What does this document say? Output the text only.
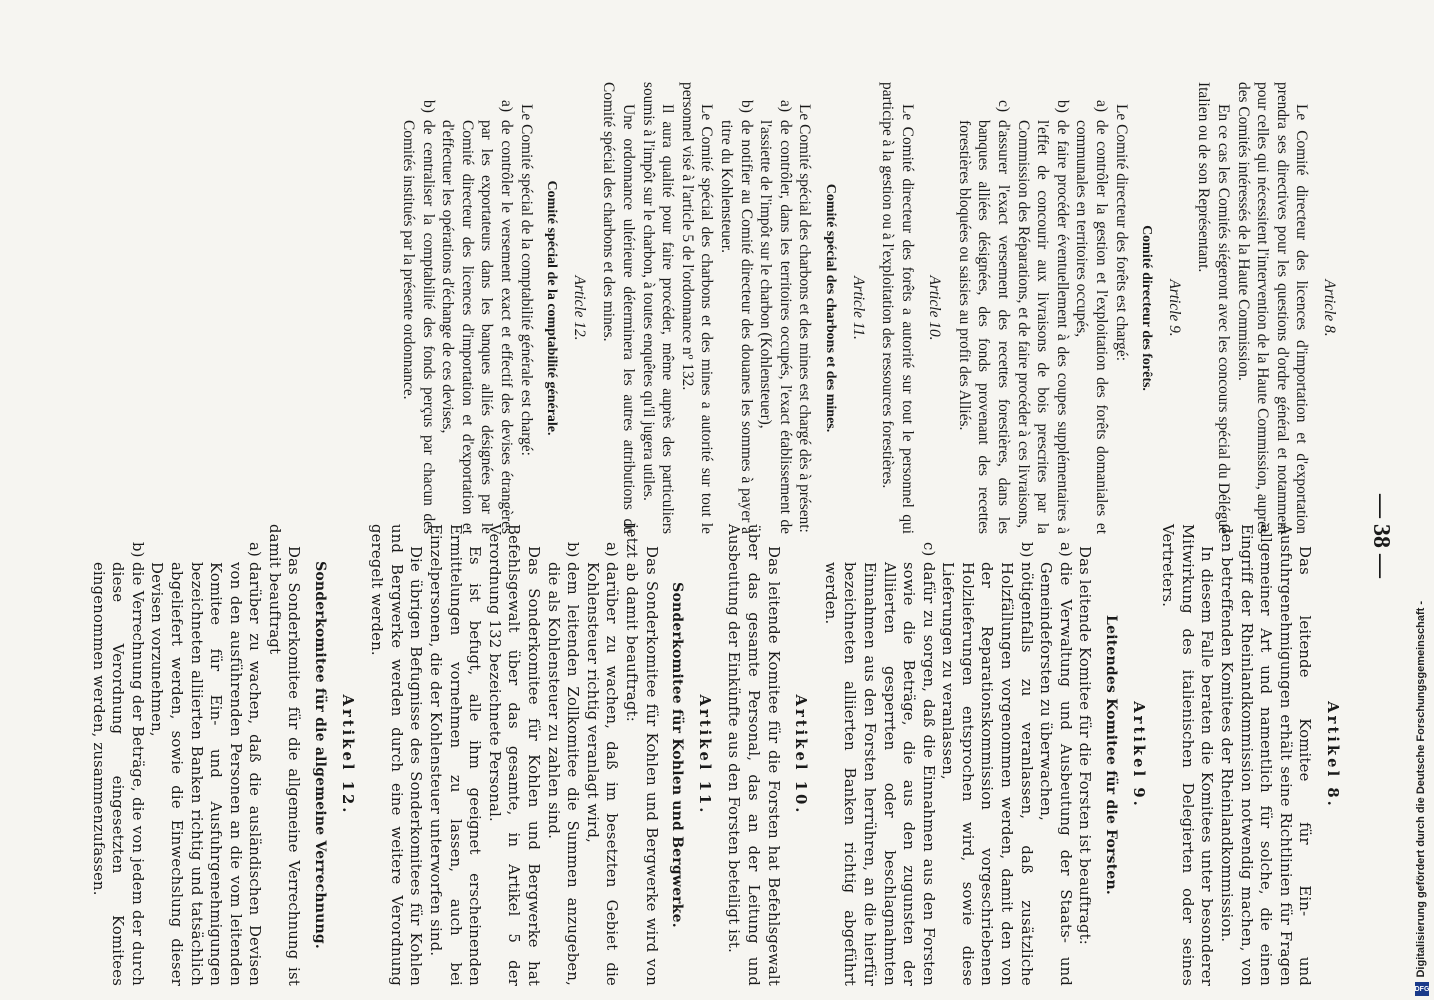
— 38 —
Article 8.

Le Comité directeur des licences d'importation et d'exportation prendra ses directives pour les questions d'ordre général et notamment pour celles qui nécessitent l'intervention de la Haute Commission, auprès des Comités intéressés de la Haute Commission.

En ce cas les Comités siégeront avec les concours spécial du Délégué Italien ou de son Représentant.

Article 9.
Comité directeur des forêts.

Le Comité directeur des forêts est chargé:

a)de contrôler la gestion et l'exploitation des forêts domaniales et communales en territoires occupés,

b)de faire procéder éventuellement à des coupes supplémentaires à l'effet de concourir aux livraisons de bois prescrites par la Commission des Réparations, et de faire procéder à ces livraisons,

c)d'assurer l'exact versement des recettes forestières, dans les banques alliées désignées, des fonds provenant des recettes forestières bloquées ou saisies au profit des Alliés.

Article 10.

Le Comité directeur des forêts a autorité sur tout le personnel qui participe à la gestion ou à l'exploitation des ressources forestières.

Article 11.
Comité spécial des charbons et des mines.

Le Comité spécial des charbons et des mines est chargé dès à présent:

a)de contrôler, dans les territoires occupés, l'exact établissement de l'assiette de l'impôt sur le charbon (Kohlensteuer),

b)de notifier au Comité directeur des douanes les sommes à payer à titre du Kohlensteuer.

Le Comité spécial des charbons et des mines a autorité sur tout le personnel visé à l'article 5 de l'ordonnance nº 132.

Il aura qualité pour faire procéder, même auprès des particuliers soumis à l'impôt sur le charbon, à toutes enquêtes qu'il jugera utiles.

Une ordonnance ultérieure déterminera les autres attributions du Comité spécial des charbons et des mines.

Article 12.
Comité spécial de la comptabilité générale.

Le Comité spécial de la comptabilité générale est chargé:

a)de contrôler le versement exact et effectif des devises étrangères par les exportateurs dans les banques alliés désignées par le Comité directeur des licences d'importation et d'exportation et d'effectuer les opérations d'échange de ces devises,

b)de centraliser la comptabilité des fonds perçus par chacun des Comités institués par la présente ordonnance.

Artikel 8.

Das leitende Komitee für Ein- und Ausfuhrgenehmigungen erhält seine Richtlinien für Fragen allgemeiner Art und namentlich für solche, die einen Eingriff der Rheinlandkommission notwendig machen, von den betreffenden Komitees der Rheinlandkommission.

In diesem Falle beraten die Komitees unter besonderer Mitwirkung des italienischen Delegierten oder seines Vertreters.

Artikel 9.
Leitendes Komitee für die Forsten.

Das leitende Komitee für die Forsten ist beauftragt:

a)die Verwaltung und Ausbeutung der Staats- und Gemeindeforsten zu überwachen,

b)nötigenfalls zu veranlassen, daß zusätzliche Holzfällungen vorgenommen werden, damit den von der Reparationskommission vorgeschriebenen Holzlieferungen entsprochen wird, sowie diese Lieferungen zu veranlassen,

c)dafür zu sorgen, daß die Einnahmen aus den Forsten sowie die Beträge, die aus den zugunsten der Alliierten gesperrten oder beschlagnahmten Einnahmen aus den Forsten herrühren, an die hierfür bezeichneten alliierten Banken richtig abgeführt werden.

Artikel 10.

Das leitende Komitee für die Forsten hat Befehlsgewalt über das gesamte Personal, das an der Leitung und Ausbeutung der Einkünfte aus den Forsten beteiligt ist.

Artikel 11.
Sonderkomitee für Kohlen und Bergwerke.

Das Sonderkomitee für Kohlen und Bergwerke wird von jetzt ab damit beauftragt:

a)darüber zu wachen, daß im besetzten Gebiet die Kohlensteuer richtig veranlagt wird,

b)dem leitenden Zollkomitee die Summen anzugeben, die als Kohlensteuer zu zahlen sind.

Das Sonderkomitee für Kohlen und Bergwerke hat Befehlsgewalt über das gesamte, in Artikel 5 der Verordnung 132 bezeichnete Personal.

Es ist befugt, alle ihm geeignet erscheinenden Ermittelungen vornehmen zu lassen, auch bei Einzelpersonen, die der Kohlensteuer unterworfen sind.

Die übrigen Befugnisse des Sonderkomitees für Kohlen und Bergwerke werden durch eine weitere Verordnung geregelt werden.

Artikel 12.
Sonderkomitee für die allgemeine Verrechnung.

Das Sonderkomitee für die allgemeine Verrechnung ist damit beauftragt

a)darüber zu wachen, daß die ausländischen Devisen von den ausführenden Personen an die vom leitenden Komitee für Ein- und Ausfuhrgenehmigungen bezeichneten alliierten Banken richtig und tatsächlich abgeliefert werden, sowie die Einwechslung dieser Devisen vorzunehmen,

b)die Verrechnung der Beträge, die von jedem der durch diese Verordnung eingesetzten Komitees eingenommen werden, zusammenzufassen.	Digitalisierung gefördert durch die Deutsche Forschungsgemeinschaft -
DFG
